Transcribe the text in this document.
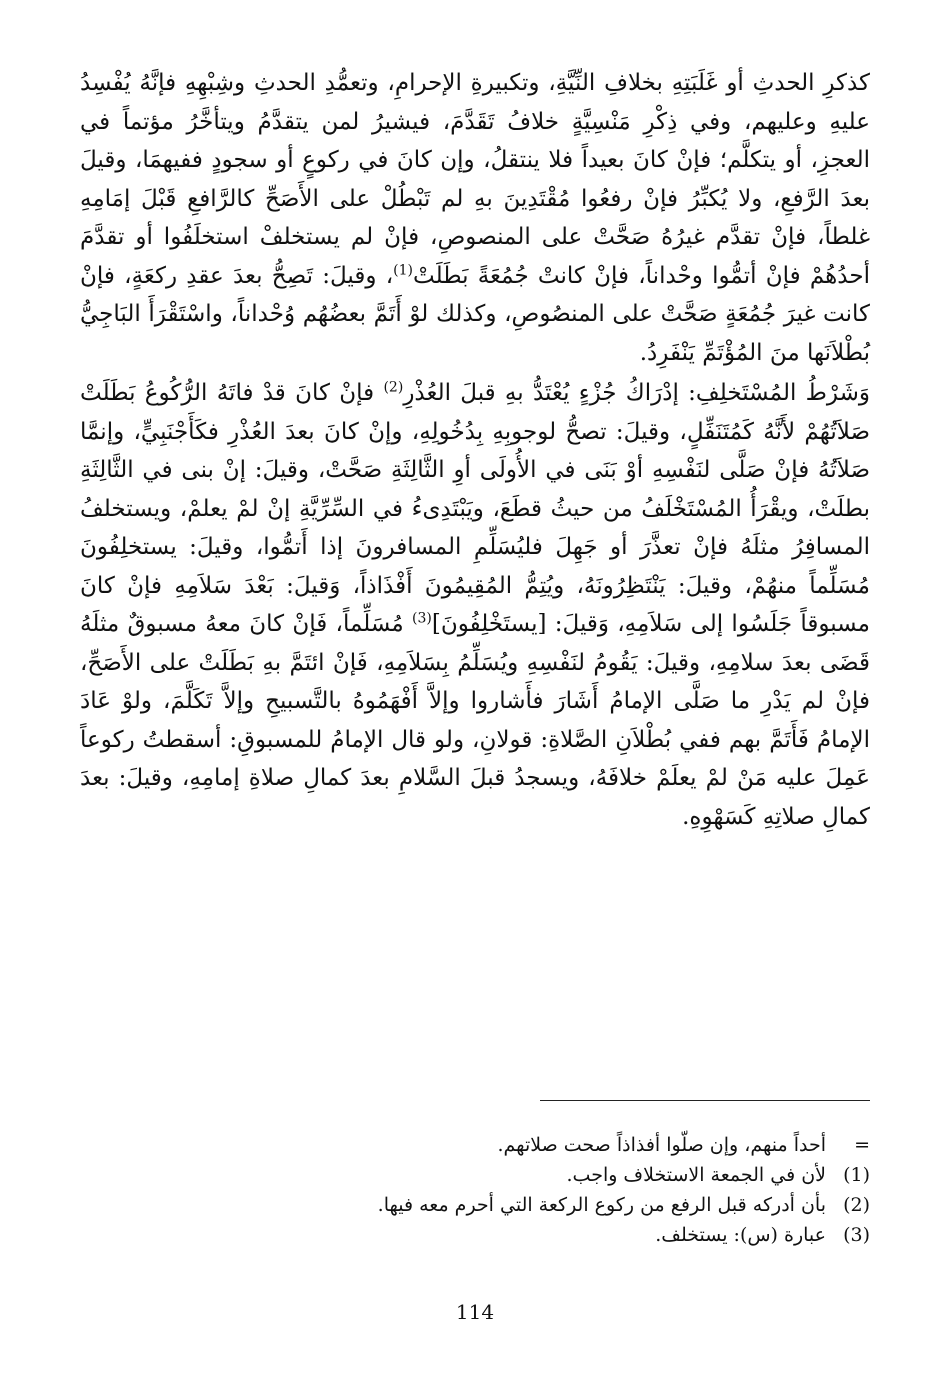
كذكرِ الحدثِ أو غَلَبَتِهِ بخلافِ النِّيَّةِ، وتكبيرةِ الإحرامِ، وتعمُّدِ الحدثِ وشِبْهِهِ فإنَّهُ يُفْسِدُ عليهِ وعليهم، وفي ذِكْرِ مَنْسِيَّةٍ خلافُ تَقَدَّمَ، فيشيرُ لمن يتقدَّمُ ويتأخَّرُ مؤتماً في العجزِ، أو يتكلَّم؛ فإنْ كانَ بعيداً فلا ينتقلُ، وإن كانَ في ركوعٍ أو سجودٍ ففيهمَا، وقيلَ بعدَ الرَّفعِ، ولا يُكبِّرُ فإنْ رفعُوا مُقْتَدِينَ بهِ لم تَبْطُلْ على الأَصَحِّ كالرَّافعِ قَبْلَ إمَامِهِ غلطاً، فإنْ تقدَّم غيرُهُ صَحَّتْ على المنصوصِ، فإنْ لم يستخلفْ استخلَفُوا أو تقدَّمَ أحدُهُمْ فإنْ أتمُّوا وحْداناً، فإنْ كانتْ جُمُعَةً بَطَلَتْ$^{(1)}$، وقيلَ: تَصِحُّ بعدَ عقدِ ركعَةٍ، فإنْ كانت غيرَ جُمُعَةٍ صَحَّتْ على المنصُوصِ، وكذلك لوْ أَتَمَّ بعضُهُم وُحْداناً، واسْتَقْرَأَ البَاجِيُّ بُطْلاَنَها منَ المُؤْتَمِّ يَنْفَرِدُ.

وَشَرْطُ المُسْتَخلِفِ: إدْرَاكُ جُزْءٍ يُعْتَدُّ بهِ قبلَ العُذْرِ$^{(2)}$ فإنْ كانَ قدْ فاتَهُ الرُّكُوعُ بَطَلَتْ صَلاَتُهُمْ لأَنَّهُ كَمُتَنَفِّلٍ، وقيلَ: تصحُّ لوجوبِهِ بِدُخُولِهِ، وإنْ كانَ بعدَ العُذْرِ فكَأَجْنَبِيٍّ، وإنمَّا صَلاَتُهُ فإنْ صَلَّى لنَفْسِهِ أوْ بَنَى في الأُولَى أوِ الثَّالِثَةِ صَحَّتْ، وقيلَ: إنْ بنى في الثَّالِثَةِ بطلَتْ، ويقْرَأُ المُسْتَخْلَفُ من حيثُ قطَعَ، ويَبْتَدِىءُ في السِّرِّيَّةِ إنْ لمْ يعلمْ، ويستخلفُ المسافِرُ مثلَهُ فإنْ تعذَّرَ أو جَهِلَ فليُسَلِّمِ المسافرونَ إذا أَتمُّوا، وقيلَ: يستخلِفُونَ مُسَلِّماً منهُمْ، وقيلَ: يَنْتَظِرُونَهُ، ويُتِمُّ المُقِيمُونَ أَفْذَاذاً، وَقيلَ: بَعْدَ سَلاَمِهِ فإنْ كانَ مسبوقاً جَلَسُوا إلى سَلاَمِهِ، وَقيلَ: [يستَخْلِفُونَ]$^{(3)}$ مُسَلِّماً، فَإنْ كانَ معهُ مسبوقٌ مثلَهُ قَضَى بعدَ سلامِهِ، وقيلَ: يَقُومُ لنَفْسِهِ ويُسَلِّمُ بِسَلاَمِهِ، فَإنْ ائتَمَّ بهِ بَطَلَتْ على الأَصَحِّ، فإنْ لم يَدْرِ ما صَلَّى الإمامُ أَشَارَ فأَشاروا وإلاَّ أَفْهَمُوهُ بالتَّسبيحِ وإلاَّ تَكَلَّمَ، ولوْ عَادَ الإمامُ فَأَتَمَّ بهم ففي بُطْلاَنِ الصَّلاةِ: قولانِ، ولو قال الإمامُ للمسبوقِ: أسقطتُ ركوعاً عَمِلَ عليه مَنْ لمْ يعلَمْ خلافَهُ، ويسجدُ قبلَ السَّلامِ بعدَ كمالِ صلاةِ إمامِهِ، وقيلَ: بعدَ كمالِ صلاتِهِ كَسَهْوِهِ.

=
أحداً منهم، وإن صلّوا أفذاذاً صحت صلاتهم.
(1)
لأن في الجمعة الاستخلاف واجب.
(2)
بأن أدركه قبل الرفع من ركوع الركعة التي أحرم معه فيها.
(3)
عبارة (س): يستخلف.
114
